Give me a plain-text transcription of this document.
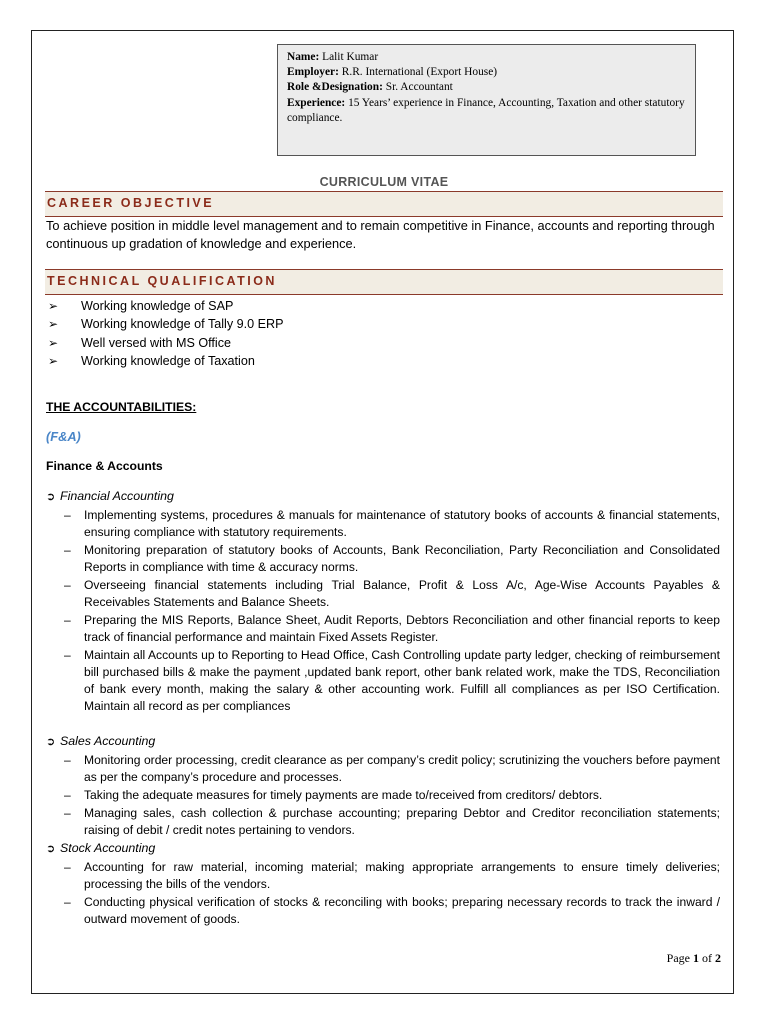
Name: Lalit Kumar
Employer: R.R. International (Export House)
Role &Designation: Sr. Accountant
Experience: 15 Years’ experience in Finance, Accounting, Taxation and other statutory compliance.
CURRICULUM VITAE
CAREER OBJECTIVE
To achieve position in middle level management and to remain competitive in Finance, accounts and reporting through continuous up gradation of knowledge and experience.
TECHNICAL QUALIFICATION
➢ Working knowledge of SAP
➢ Working knowledge of Tally 9.0 ERP
➢ Well versed with MS Office
➢ Working knowledge of Taxation
THE ACCOUNTABILITIES:
(F&A)
Finance & Accounts
➲ Financial Accounting
– Implementing systems, procedures & manuals for maintenance of statutory books of accounts & financial statements, ensuring compliance with statutory requirements.
– Monitoring preparation of statutory books of Accounts, Bank Reconciliation, Party Reconciliation and Consolidated Reports in compliance with time & accuracy norms.
– Overseeing financial statements including Trial Balance, Profit & Loss A/c, Age-Wise Accounts Payables & Receivables Statements and Balance Sheets.
– Preparing the MIS Reports, Balance Sheet, Audit Reports, Debtors Reconciliation and other financial reports to keep track of financial performance and maintain Fixed Assets Register.
– Maintain all Accounts up to Reporting to Head Office, Cash Controlling update party ledger, checking of reimbursement bill purchased bills & make the payment ,updated bank report, other bank related work, make the TDS, Reconciliation of bank every month, making the salary & other accounting work. Fulfill all compliances as per ISO Certification. Maintain all record as per compliances
➲ Sales Accounting
– Monitoring order processing, credit clearance as per company’s credit policy; scrutinizing the vouchers before payment as per the company’s procedure and processes.
– Taking the adequate measures for timely payments are made to/received from creditors/ debtors.
– Managing sales, cash collection & purchase accounting; preparing Debtor and Creditor reconciliation statements; raising of debit / credit notes pertaining to vendors.
➲ Stock Accounting
– Accounting for raw material, incoming material; making appropriate arrangements to ensure timely deliveries; processing the bills of the vendors.
– Conducting physical verification of stocks & reconciling with books; preparing necessary records to track the inward / outward movement of goods.
Page 1 of 2
